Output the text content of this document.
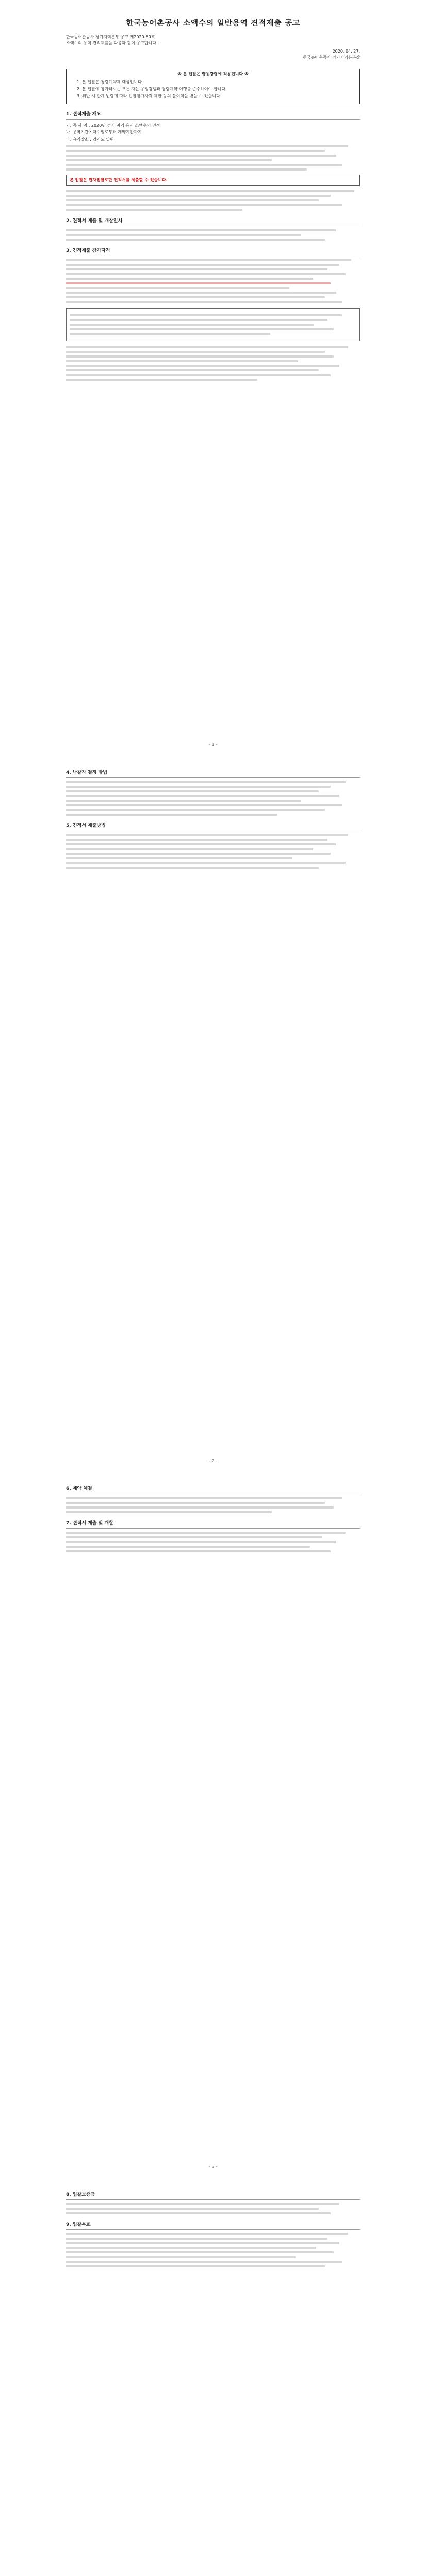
한국농어촌공사 소액수의 일반용역 견적제출 공고
한국농어촌공사 경기지역본부 공고 제2020-60호
소액수의 용역 견적제출을 다음과 같이 공고합니다.
2020. 04. 27.
한국농어촌공사 경기지역본부장
※ 본 입찰은 행동강령에 적용됩니다 ※
1. 본 입찰은 청렴계약제 대상입니다.
2. 본 입찰에 참가하시는 모든 자는 공정경쟁과 청렴계약 이행을 준수하여야 합니다.
3. 위반 시 관계 법령에 따라 입찰참가자격 제한 등의 불이익을 받을 수 있습니다.
1. 견적제출 개요
가. 공 사 명 : 2020년 경기 지역 용역 소액수의 견적
나. 용역기간 : 착수일로부터 계약기간까지
다. 용역장소 : 경기도 일원
본 입찰은 전자입찰로만 견적서를 제출할 수 있습니다.
2. 견적서 제출 및 개찰일시
3. 견적제출 참가자격
- 1 -
4. 낙찰자 결정 방법
5. 견적서 제출방법
- 2 -
6. 계약 체결
7. 견적서 제출 및 개찰
- 3 -
8. 입찰보증금
9. 입찰무효
